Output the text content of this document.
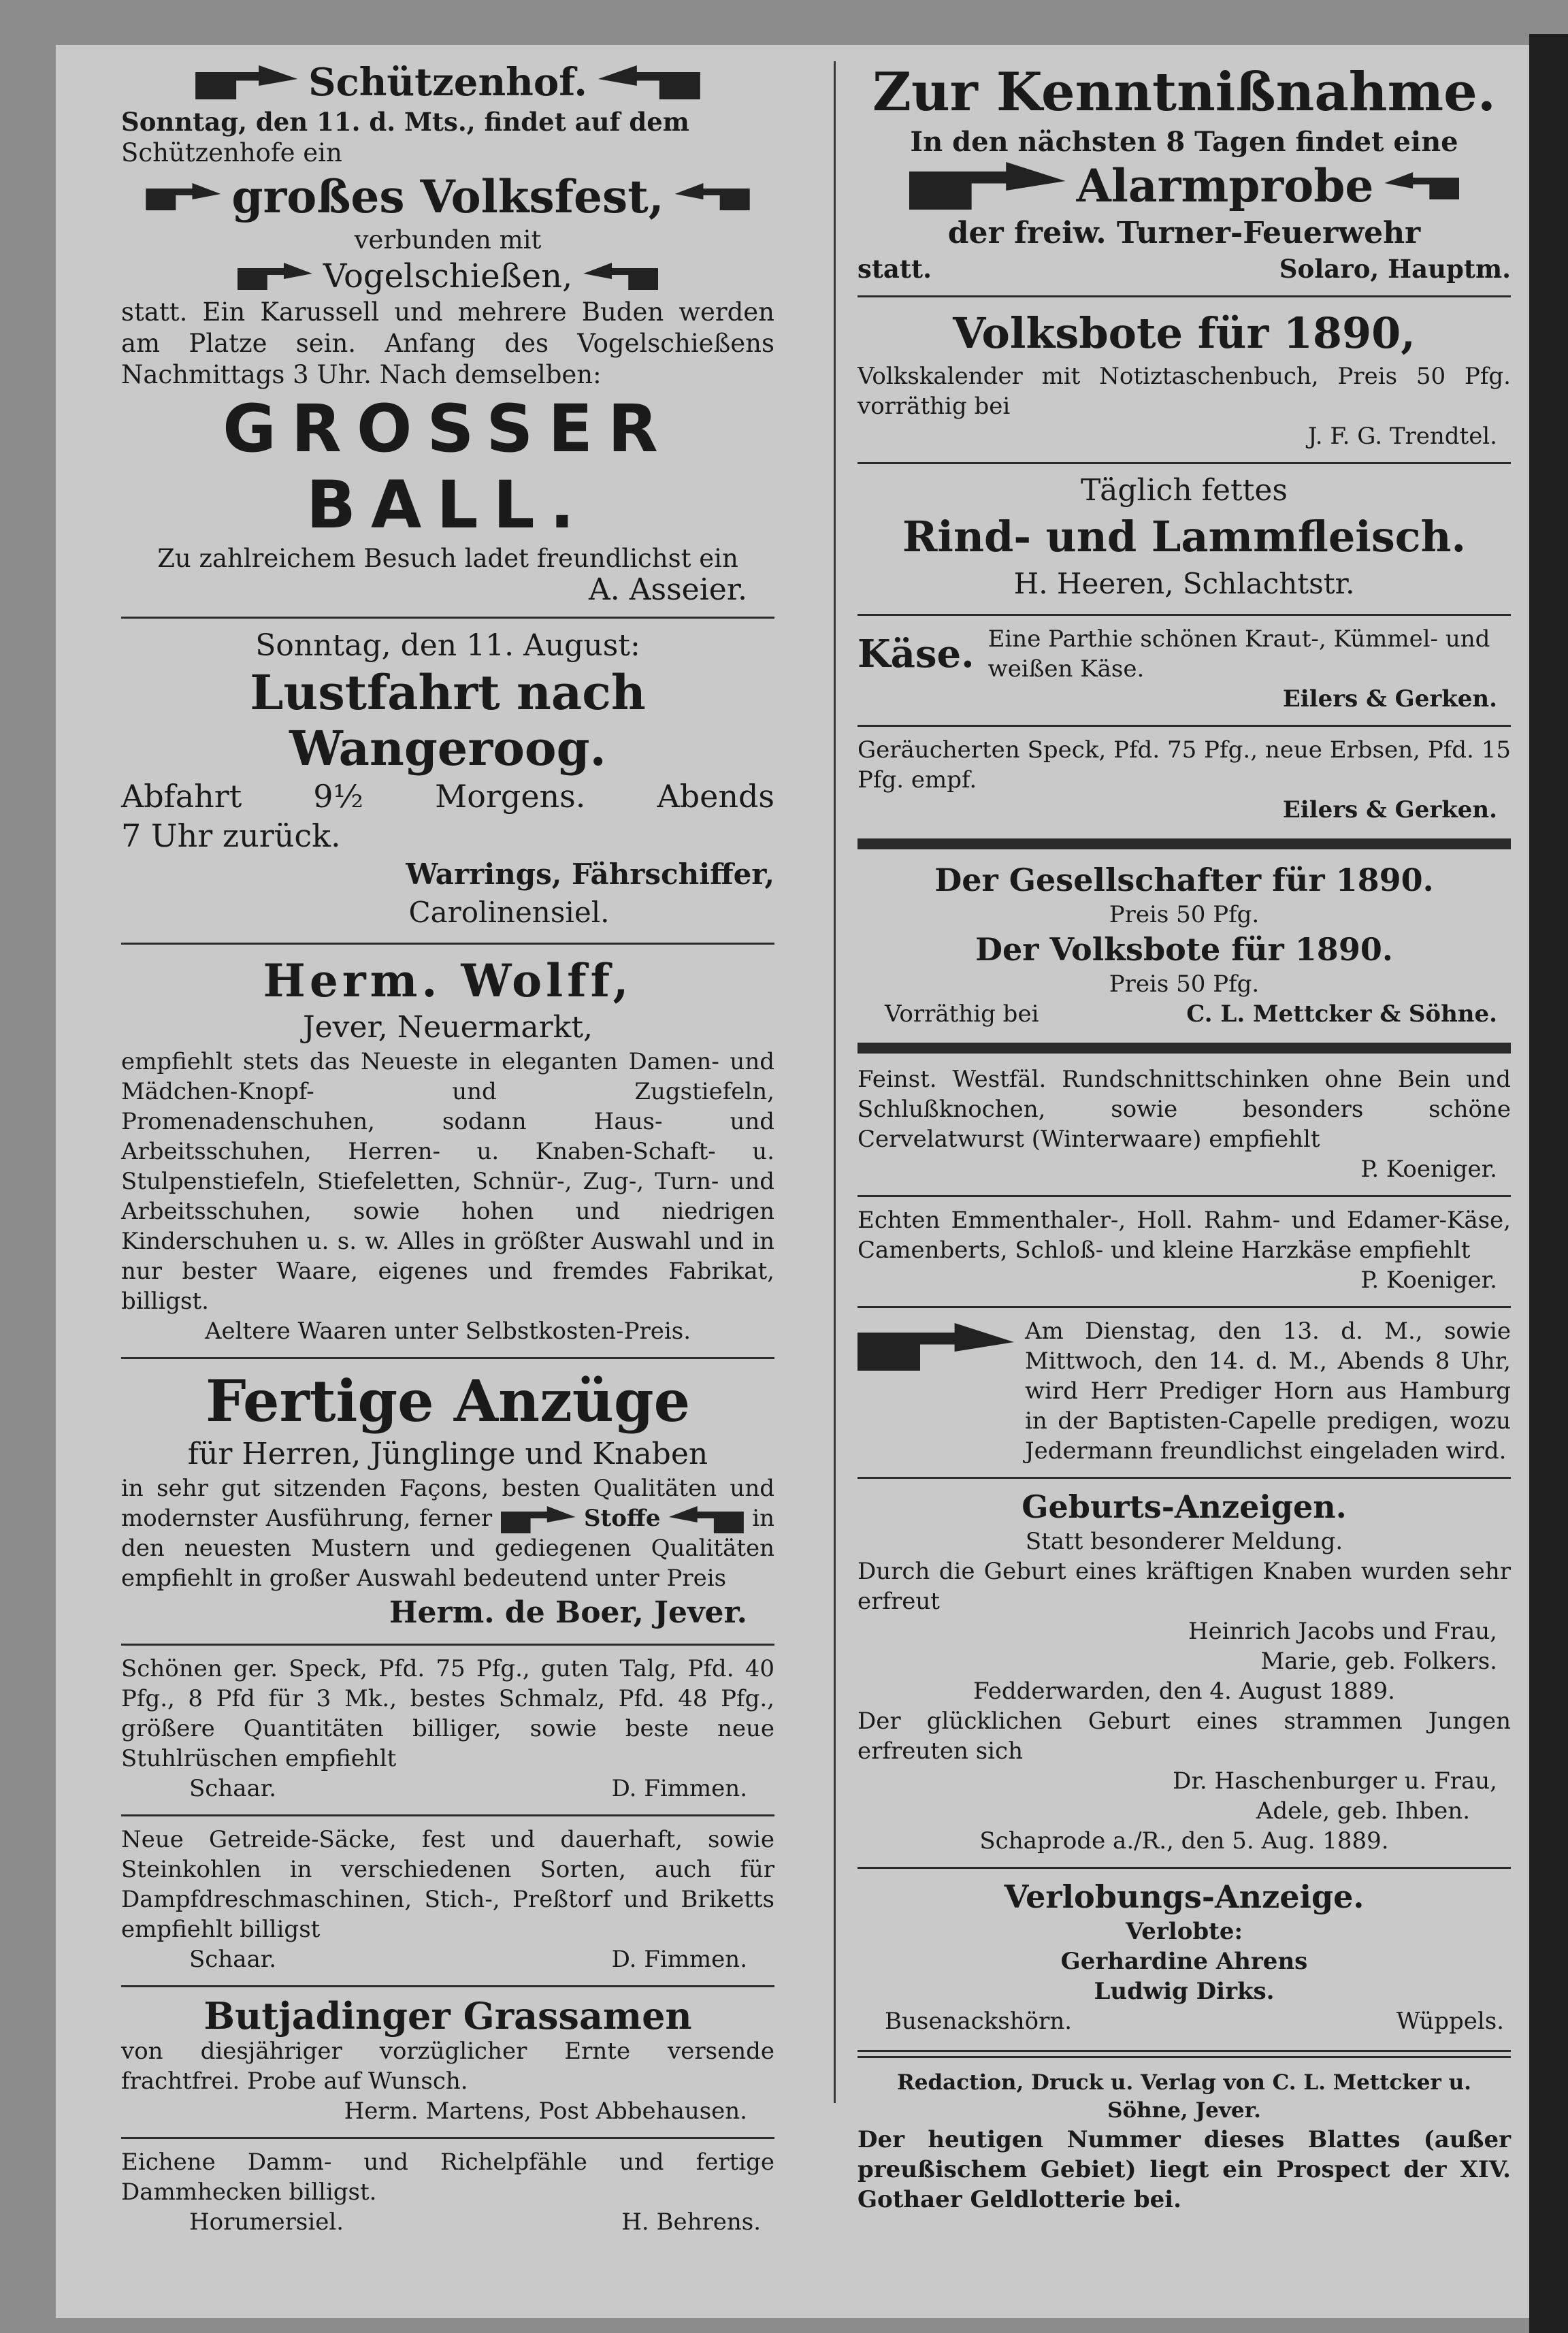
Schützenhof.

Sonntag, den 11. d. Mts., findet auf dem

Schützenhofe ein

großes Volksfest,

verbunden mit

Vogelschießen,

statt. Ein Karussell und mehrere Buden werden am Platze sein. Anfang des Vogelschießens Nachmittags 3 Uhr. Nach demselben:

GROSSER BALL.

Zu zahlreichem Besuch ladet freundlichst ein

A. Asseier.

Sonntag, den 11. August:

Lustfahrt nach Wangeroog.

Abfahrt 9½ Morgens. Abends

7 Uhr zurück.

Warrings, Fährschiffer,

Carolinensiel.

Herm. Wolff,

Jever, Neuermarkt,

empfiehlt stets das Neueste in eleganten Damen- und Mädchen-Knopf- und Zugstiefeln, Promenadenschuhen, sodann Haus- und Arbeitsschuhen, Herren- u. Knaben-Schaft- u. Stulpenstiefeln, Stiefeletten, Schnür-, Zug-, Turn- und Arbeitsschuhen, sowie hohen und niedrigen Kinderschuhen u. s. w. Alles in größter Auswahl und in nur bester Waare, eigenes und fremdes Fabrikat, billigst.

Aeltere Waaren unter Selbstkosten-Preis.

Fertige Anzüge

für Herren, Jünglinge und Knaben

in sehr gut sitzenden Façons, besten Qualitäten und modernster Ausführung, ferner	Stoffe	in den neuesten Mustern und gediegenen Qualitäten empfiehlt in großer Auswahl bedeutend unter Preis

Herm. de Boer, Jever.

Schönen ger. Speck, Pfd. 75 Pfg., guten Talg, Pfd. 40 Pfg., 8 Pfd für 3 Mk., bestes Schmalz, Pfd. 48 Pfg., größere Quantitäten billiger, sowie beste neue Stuhlrüschen empfiehlt

Schaar.	D. Fimmen.

Neue Getreide-Säcke, fest und dauerhaft, sowie Steinkohlen in verschiedenen Sorten, auch für Dampfdreschmaschinen, Stich-, Preßtorf und Briketts empfiehlt billigst

Schaar.	D. Fimmen.

Butjadinger Grassamen

von diesjähriger vorzüglicher Ernte versende frachtfrei. Probe auf Wunsch.

Herm. Martens, Post Abbehausen.

Eichene Damm- und Richelpfähle und fertige Dammhecken billigst.

Horumersiel.	H. Behrens.

Zur Kenntnißnahme.

In den nächsten 8 Tagen findet eine

Alarmprobe

der freiw. Turner-Feuerwehr

statt.	Solaro, Hauptm.

Volksbote für 1890,

Volkskalender mit Notiztaschenbuch, Preis 50 Pfg. vorräthig bei

J. F. G. Trendtel.

Täglich fettes

Rind- und Lammfleisch.

H. Heeren, Schlachtstr.

Käse. Eine Parthie schönen Kraut-, Kümmel- und weißen Käse.

Eilers & Gerken.

Geräucherten Speck, Pfd. 75 Pfg., neue Erbsen, Pfd. 15 Pfg. empf.

Eilers & Gerken.

Der Gesellschafter für 1890.

Preis 50 Pfg.

Der Volksbote für 1890.

Preis 50 Pfg.

Vorräthig bei	C. L. Mettcker & Söhne.

Feinst. Westfäl. Rundschnittschinken ohne Bein und Schlußknochen, sowie besonders schöne Cervelatwurst (Winterwaare) empfiehlt

P. Koeniger.

Echten Emmenthaler-, Holl. Rahm- und Edamer-Käse, Camenberts, Schloß- und kleine Harzkäse empfiehlt

P. Koeniger.

Am Dienstag, den 13. d. M., sowie Mittwoch, den 14. d. M., Abends 8 Uhr, wird Herr Prediger Horn aus Hamburg in der Baptisten-Capelle predigen, wozu Jedermann freundlichst eingeladen wird.

Geburts-Anzeigen.

Statt besonderer Meldung.

Durch die Geburt eines kräftigen Knaben wurden sehr erfreut

Heinrich Jacobs und Frau,

Marie, geb. Folkers.

Fedderwarden, den 4. August 1889.

Der glücklichen Geburt eines strammen Jungen erfreuten sich

Dr. Haschenburger u. Frau,

Adele, geb. Ihben.

Schaprode a./R., den 5. Aug. 1889.

Verlobungs-Anzeige.

Verlobte:

Gerhardine Ahrens

Ludwig Dirks.

Busenackshörn.	Wüppels.

Redaction, Druck u. Verlag von C. L. Mettcker u. Söhne, Jever.

Der heutigen Nummer dieses Blattes (außer preußischem Gebiet) liegt ein Prospect der XIV. Gothaer Geldlotterie bei.
